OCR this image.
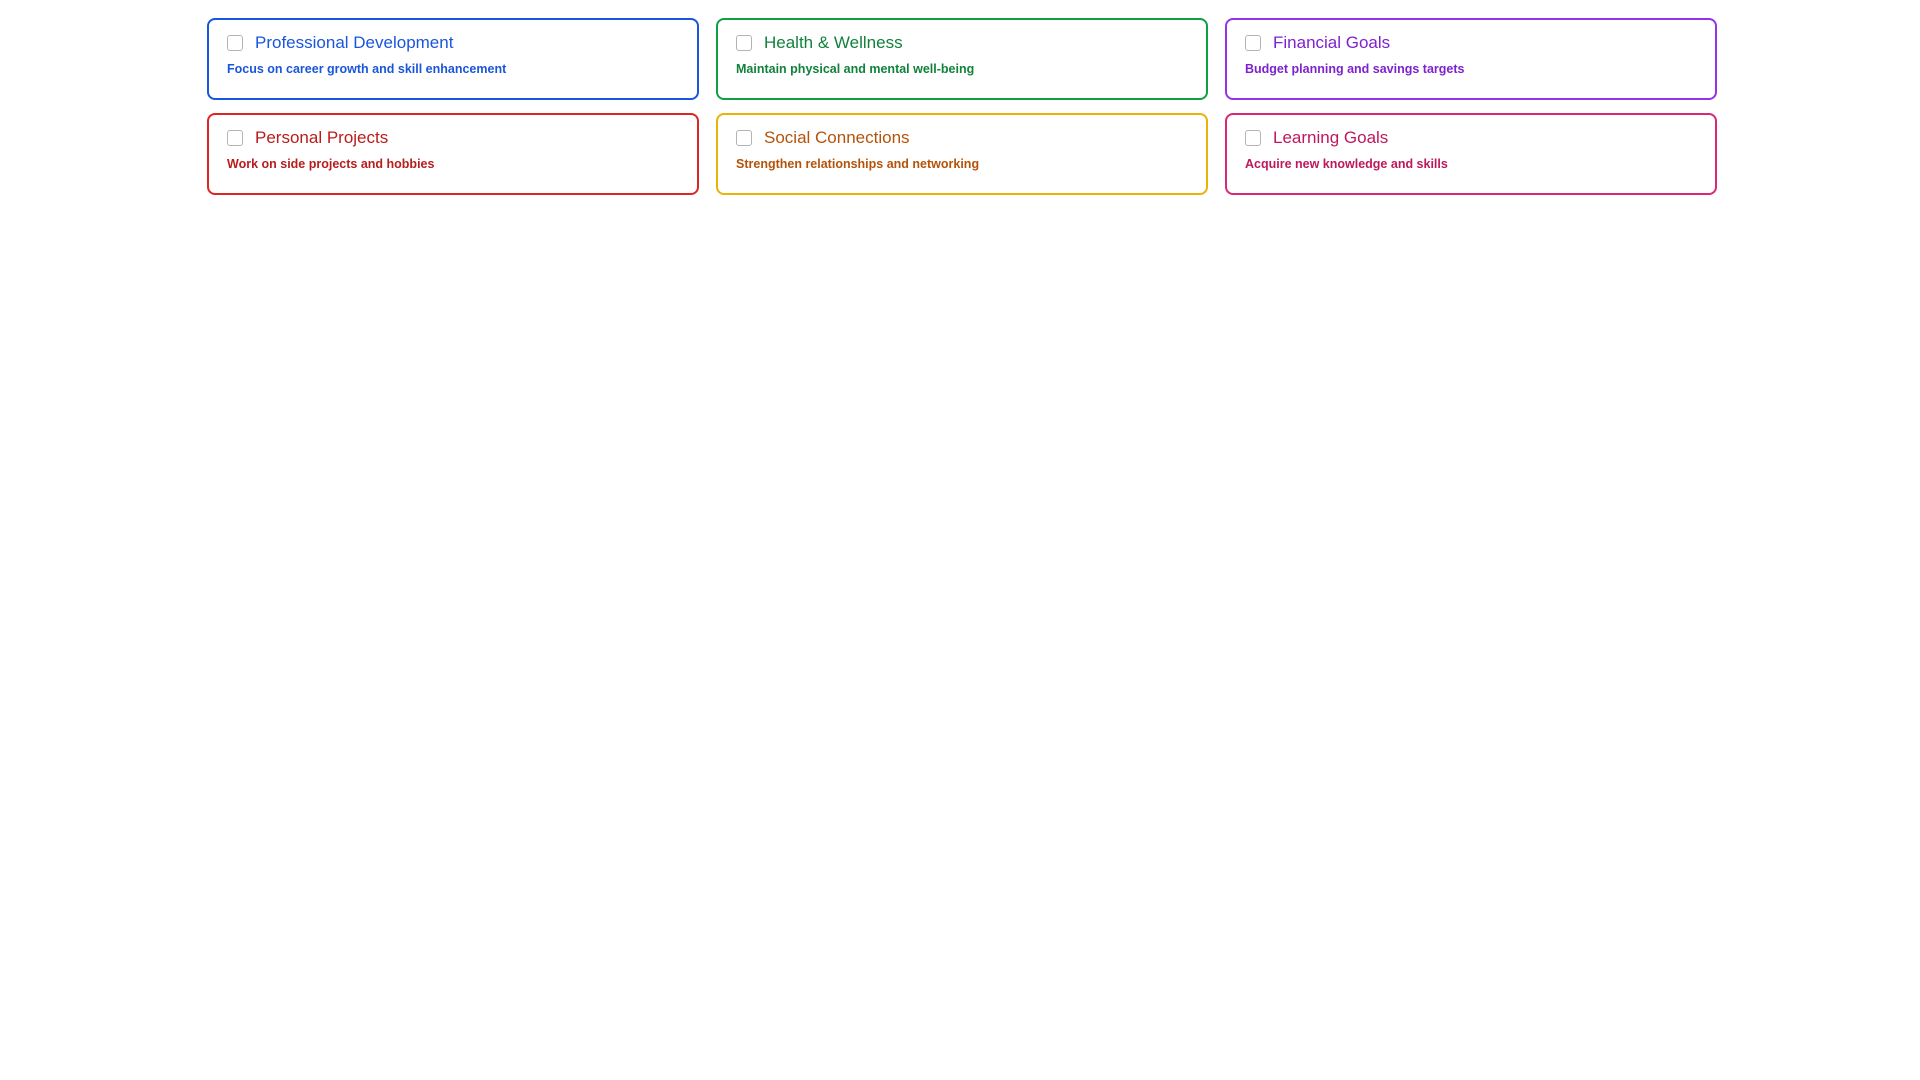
Professional Development
Focus on career growth and skill enhancement
Health & Wellness
Maintain physical and mental well-being
Financial Goals
Budget planning and savings targets
Personal Projects
Work on side projects and hobbies
Social Connections
Strengthen relationships and networking
Learning Goals
Acquire new knowledge and skills
